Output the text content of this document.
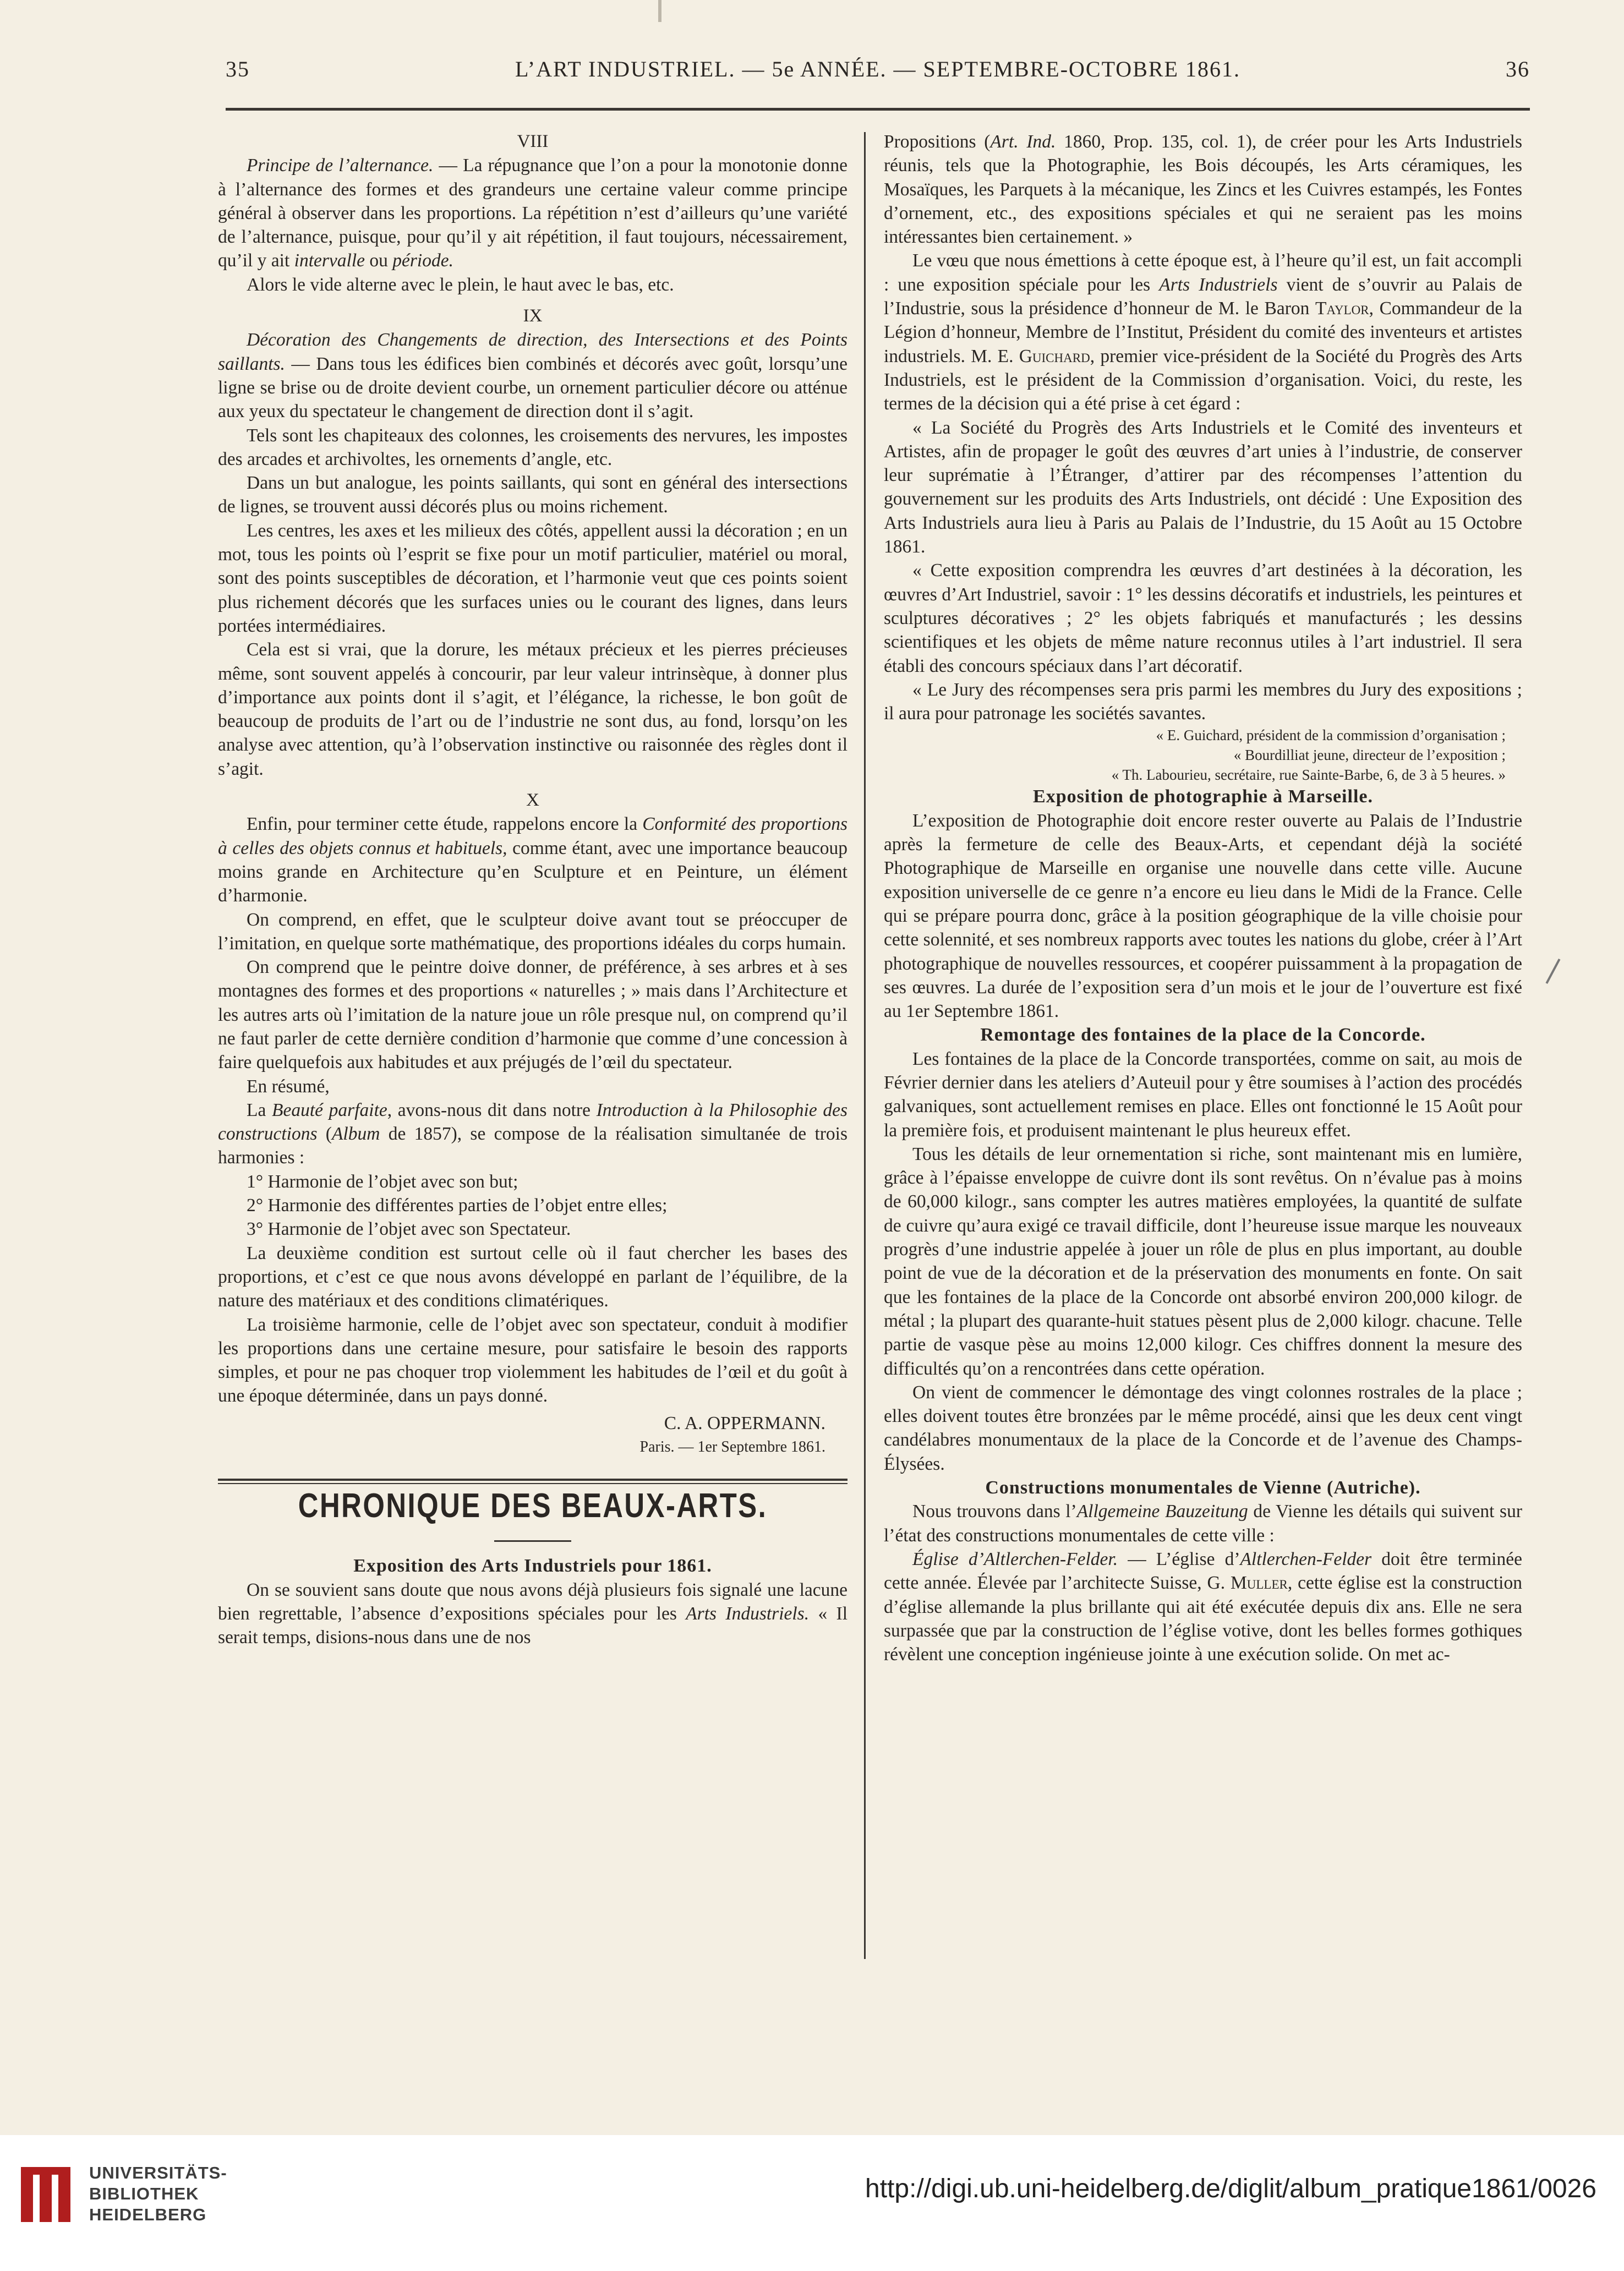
35	L’ART INDUSTRIEL. — 5e ANNÉE. — SEPTEMBRE-OCTOBRE 1861.	36

VIII

Principe de l’alternance. — La répugnance que l’on a pour la monotonie donne à l’alternance des formes et des grandeurs une certaine valeur comme principe général à observer dans les proportions. La répétition n’est d’ailleurs qu’une variété de l’alternance, puisque, pour qu’il y ait répétition, il faut toujours, nécessairement, qu’il y ait intervalle ou période.

Alors le vide alterne avec le plein, le haut avec le bas, etc.

IX

Décoration des Changements de direction, des Intersections et des Points saillants. — Dans tous les édifices bien combinés et décorés avec goût, lorsqu’une ligne se brise ou de droite devient courbe, un ornement particulier décore ou atténue aux yeux du spectateur le changement de direction dont il s’agit.

Tels sont les chapiteaux des colonnes, les croisements des nervures, les impostes des arcades et archivoltes, les ornements d’angle, etc.

Dans un but analogue, les points saillants, qui sont en général des intersections de lignes, se trouvent aussi décorés plus ou moins richement.

Les centres, les axes et les milieux des côtés, appellent aussi la décoration ; en un mot, tous les points où l’esprit se fixe pour un motif particulier, matériel ou moral, sont des points susceptibles de décoration, et l’harmonie veut que ces points soient plus richement décorés que les surfaces unies ou le courant des lignes, dans leurs portées intermédiaires.

Cela est si vrai, que la dorure, les métaux précieux et les pierres précieuses même, sont souvent appelés à concourir, par leur valeur intrinsèque, à donner plus d’importance aux points dont il s’agit, et l’élégance, la richesse, le bon goût de beaucoup de produits de l’art ou de l’industrie ne sont dus, au fond, lorsqu’on les analyse avec attention, qu’à l’observation instinctive ou raisonnée des règles dont il s’agit.

X

Enfin, pour terminer cette étude, rappelons encore la Conformité des proportions à celles des objets connus et habituels, comme étant, avec une importance beaucoup moins grande en Architecture qu’en Sculpture et en Peinture, un élément d’harmonie.

On comprend, en effet, que le sculpteur doive avant tout se préoccuper de l’imitation, en quelque sorte mathématique, des proportions idéales du corps humain.

On comprend que le peintre doive donner, de préférence, à ses arbres et à ses montagnes des formes et des proportions « naturelles ; » mais dans l’Architecture et les autres arts où l’imitation de la nature joue un rôle presque nul, on comprend qu’il ne faut parler de cette dernière condition d’harmonie que comme d’une concession à faire quelquefois aux habitudes et aux préjugés de l’œil du spectateur.

En résumé,

La Beauté parfaite, avons-nous dit dans notre Introduction à la Philosophie des constructions (Album de 1857), se compose de la réalisation simultanée de trois harmonies :

1° Harmonie de l’objet avec son but;

2° Harmonie des différentes parties de l’objet entre elles;

3° Harmonie de l’objet avec son Spectateur.

La deuxième condition est surtout celle où il faut chercher les bases des proportions, et c’est ce que nous avons développé en parlant de l’équilibre, de la nature des matériaux et des conditions climatériques.

La troisième harmonie, celle de l’objet avec son spectateur, conduit à modifier les proportions dans une certaine mesure, pour satisfaire le besoin des rapports simples, et pour ne pas choquer trop violemment les habitudes de l’œil et du goût à une époque déterminée, dans un pays donné.

C. A. OPPERMANN.

Paris. — 1er Septembre 1861.

CHRONIQUE DES BEAUX-ARTS.

Exposition des Arts Industriels pour 1861.

On se souvient sans doute que nous avons déjà plusieurs fois signalé une lacune bien regrettable, l’absence d’expositions spéciales pour les Arts Industriels. « Il serait temps, disions-nous dans une de nos

Propositions (Art. Ind. 1860, Prop. 135, col. 1), de créer pour les Arts Industriels réunis, tels que la Photographie, les Bois découpés, les Arts céramiques, les Mosaïques, les Parquets à la mécanique, les Zincs et les Cuivres estampés, les Fontes d’ornement, etc., des expositions spéciales et qui ne seraient pas les moins intéressantes bien certainement. »

Le vœu que nous émettions à cette époque est, à l’heure qu’il est, un fait accompli : une exposition spéciale pour les Arts Industriels vient de s’ouvrir au Palais de l’Industrie, sous la présidence d’honneur de M. le Baron Taylor, Commandeur de la Légion d’honneur, Membre de l’Institut, Président du comité des inventeurs et artistes industriels. M. E. Guichard, premier vice-président de la Société du Progrès des Arts Industriels, est le président de la Commission d’organisation. Voici, du reste, les termes de la décision qui a été prise à cet égard :

« La Société du Progrès des Arts Industriels et le Comité des inventeurs et Artistes, afin de propager le goût des œuvres d’art unies à l’industrie, de conserver leur suprématie à l’Étranger, d’attirer par des récompenses l’attention du gouvernement sur les produits des Arts Industriels, ont décidé : Une Exposition des Arts Industriels aura lieu à Paris au Palais de l’Industrie, du 15 Août au 15 Octobre 1861.

« Cette exposition comprendra les œuvres d’art destinées à la décoration, les œuvres d’Art Industriel, savoir : 1° les dessins décoratifs et industriels, les peintures et sculptures décoratives ; 2° les objets fabriqués et manufacturés ; les dessins scientifiques et les objets de même nature reconnus utiles à l’art industriel. Il sera établi des concours spéciaux dans l’art décoratif.

« Le Jury des récompenses sera pris parmi les membres du Jury des expositions ; il aura pour patronage les sociétés savantes.

« E. Guichard, président de la commission d’organisation ;

« Bourdilliat jeune, directeur de l’exposition ;

« Th. Labourieu, secrétaire, rue Sainte-Barbe, 6, de 3 à 5 heures. »

Exposition de photographie à Marseille.

L’exposition de Photographie doit encore rester ouverte au Palais de l’Industrie après la fermeture de celle des Beaux-Arts, et cependant déjà la société Photographique de Marseille en organise une nouvelle dans cette ville. Aucune exposition universelle de ce genre n’a encore eu lieu dans le Midi de la France. Celle qui se prépare pourra donc, grâce à la position géographique de la ville choisie pour cette solennité, et ses nombreux rapports avec toutes les nations du globe, créer à l’Art photographique de nouvelles ressources, et coopérer puissamment à la propagation de ses œuvres. La durée de l’exposition sera d’un mois et le jour de l’ouverture est fixé au 1er Septembre 1861.

Remontage des fontaines de la place de la Concorde.

Les fontaines de la place de la Concorde transportées, comme on sait, au mois de Février dernier dans les ateliers d’Auteuil pour y être soumises à l’action des procédés galvaniques, sont actuellement remises en place. Elles ont fonctionné le 15 Août pour la première fois, et produisent maintenant le plus heureux effet.

Tous les détails de leur ornementation si riche, sont maintenant mis en lumière, grâce à l’épaisse enveloppe de cuivre dont ils sont revêtus. On n’évalue pas à moins de 60,000 kilogr., sans compter les autres matières employées, la quantité de sulfate de cuivre qu’aura exigé ce travail difficile, dont l’heureuse issue marque les nouveaux progrès d’une industrie appelée à jouer un rôle de plus en plus important, au double point de vue de la décoration et de la préservation des monuments en fonte. On sait que les fontaines de la place de la Concorde ont absorbé environ 200,000 kilogr. de métal ; la plupart des quarante-huit statues pèsent plus de 2,000 kilogr. chacune. Telle partie de vasque pèse au moins 12,000 kilogr. Ces chiffres donnent la mesure des difficultés qu’on a rencontrées dans cette opération.

On vient de commencer le démontage des vingt colonnes rostrales de la place ; elles doivent toutes être bronzées par le même procédé, ainsi que les deux cent vingt candélabres monumentaux de la place de la Concorde et de l’avenue des Champs-Élysées.

Constructions monumentales de Vienne (Autriche).

Nous trouvons dans l’Allgemeine Bauzeitung de Vienne les détails qui suivent sur l’état des constructions monumentales de cette ville :

Église d’Altlerchen-Felder. — L’église d’Altlerchen-Felder doit être terminée cette année. Élevée par l’architecte Suisse, G. Muller, cette église est la construction d’église allemande la plus brillante qui ait été exécutée depuis dix ans. Elle ne sera surpassée que par la construction de l’église votive, dont les belles formes gothiques révèlent une conception ingénieuse jointe à une exécution solide. On met ac-

UNIVERSITÄTS-
BIBLIOTHEK
HEIDELBERG
http://digi.ub.uni-heidelberg.de/diglit/album_pratique1861/0026
